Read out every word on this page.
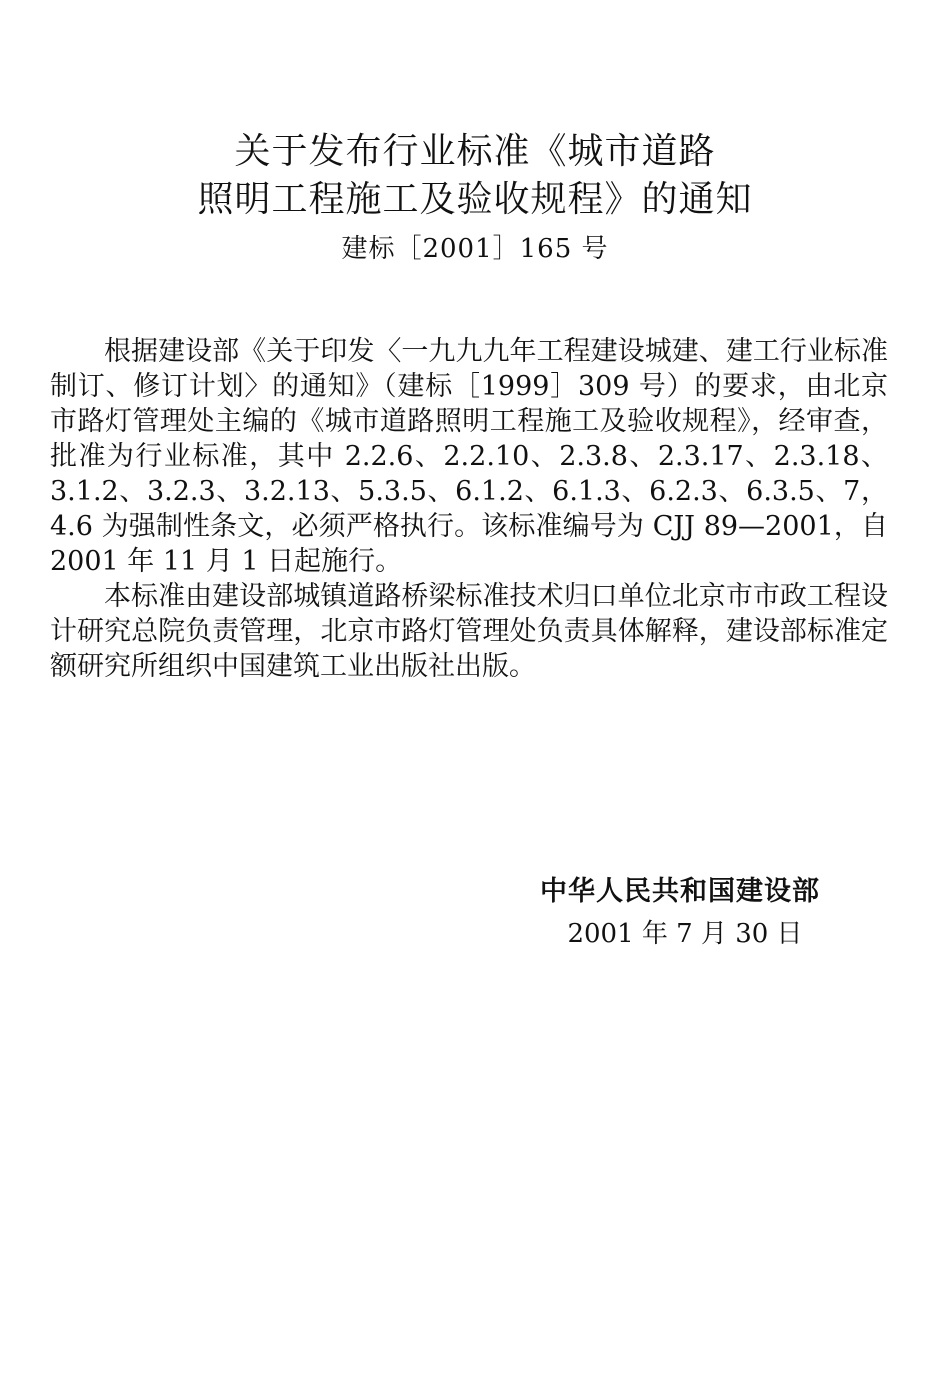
关于发布行业标准《城市道路
照明工程施工及验收规程》的通知
建标［2001］165 号

根据建设部《关于印发〈一九九九年工程建设城建、建工行业标准制订、修订计划〉的通知》（建标［1999］309 号）的要求，由北京市路灯管理处主编的《城市道路照明工程施工及验收规程》，经审查，批准为行业标准，其中 2.2.6、2.2.10、2.3.8、2.3.17、2.3.18、3.1.2、3.2.3、3.2.13、5.3.5、6.1.2、6.1.3、6.2.3、6.3.5、7，4.6 为强制性条文，必须严格执行。该标准编号为 CJJ 89—2001，自 2001 年 11 月 1 日起施行。

本标准由建设部城镇道路桥梁标准技术归口单位北京市市政工程设计研究总院负责管理，北京市路灯管理处负责具体解释，建设部标准定额研究所组织中国建筑工业出版社出版。

中华人民共和国建设部
2001 年 7 月 30 日
